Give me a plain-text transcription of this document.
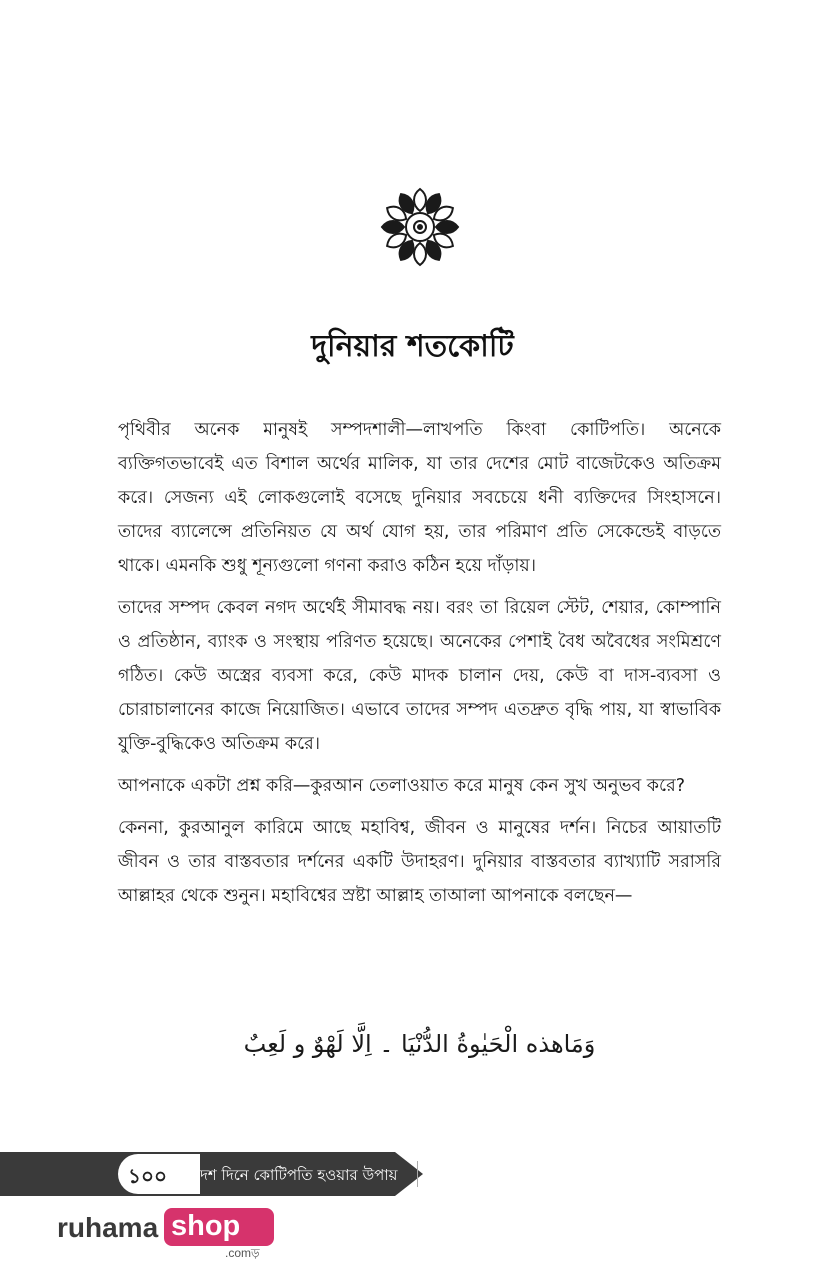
দুনিয়ার শতকোটি

পৃথিবীর অনেক মানুষই সম্পদশালী—লাখপতি কিংবা কোটিপতি। অনেকে ব্যক্তিগতভাবেই এত বিশাল অর্থের মালিক, যা তার দেশের মোট বাজেটকেও অতিক্রম করে। সেজন্য এই লোকগুলোই বসেছে দুনিয়ার সবচেয়ে ধনী ব্যক্তিদের সিংহাসনে। তাদের ব্যালেন্সে প্রতিনিয়ত যে অর্থ যোগ হয়, তার পরিমাণ প্রতি সেকেন্ডেই বাড়তে থাকে। এমনকি শুধু শূন্যগুলো গণনা করাও কঠিন হয়ে দাঁড়ায়।

তাদের সম্পদ কেবল নগদ অর্থেই সীমাবদ্ধ নয়। বরং তা রিয়েল স্টেট, শেয়ার, কোম্পানি ও প্রতিষ্ঠান, ব্যাংক ও সংস্থায় পরিণত হয়েছে। অনেকের পেশাই বৈধ অবৈধের সংমিশ্রণে গঠিত। কেউ অস্ত্রের ব্যবসা করে, কেউ মাদক চালান দেয়, কেউ বা দাস-ব্যবসা ও চোরাচালানের কাজে নিয়োজিত। এভাবে তাদের সম্পদ এতদ্রুত বৃদ্ধি পায়, যা স্বাভাবিক যুক্তি-বুদ্ধিকেও অতিক্রম করে।

আপনাকে একটা প্রশ্ন করি—কুরআন তেলাওয়াত করে মানুষ কেন সুখ অনুভব করে?

কেননা, কুরআনুল কারিমে আছে মহাবিশ্ব, জীবন ও মানুষের দর্শন। নিচের আয়াতটি জীবন ও তার বাস্তবতার দর্শনের একটি উদাহরণ। দুনিয়ার বাস্তবতার ব্যাখ্যাটি সরাসরি আল্লাহর থেকে শুনুন। মহাবিশ্বের স্রষ্টা আল্লাহ তাআলা আপনাকে বলছেন—

وَمَاهذه الْحَيٰوةُ الدُّنْيَا ۔ اِلَّا لَهْوٌ و لَعِبٌ
১০০ দশ দিনে কোটিপতি হওয়ার উপায়
ruhama shop
.comড়
